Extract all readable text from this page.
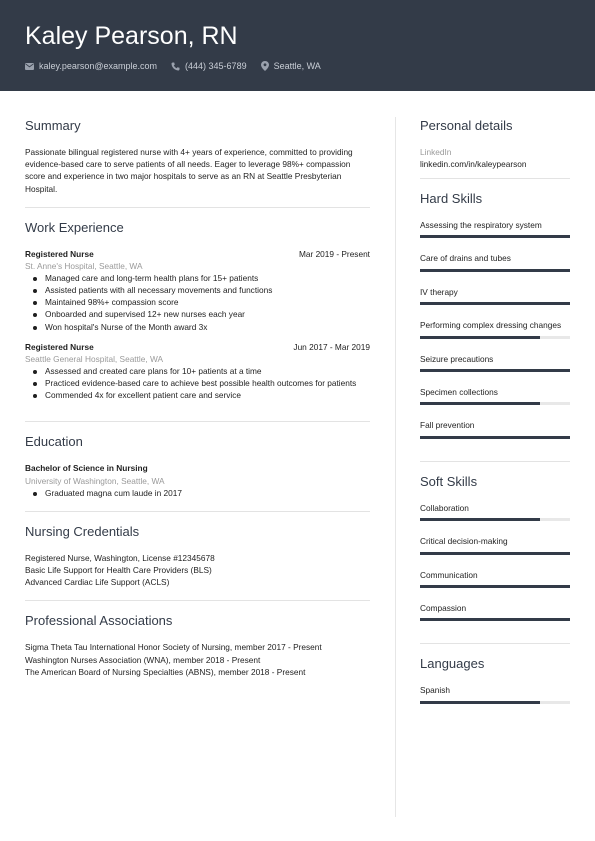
Kaley Pearson, RN
kaley.pearson@example.com	(444) 345-6789	Seattle, WA
Summary

Passionate bilingual registered nurse with 4+ years of experience, committed to providing evidence-based care to serve patients of all needs. Eager to leverage 98%+ compassion score and experience in two major hospitals to serve as an RN at Seattle Presbyterian Hospital.

Work Experience
Registered Nurse	Mar 2019 - Present
St. Anne's Hospital, Seattle, WA
Managed care and long-term health plans for 15+ patients
Assisted patients with all necessary movements and functions
Maintained 98%+ compassion score
Onboarded and supervised 12+ new nurses each year
Won hospital's Nurse of the Month award 3x
Registered Nurse	Jun 2017 - Mar 2019
Seattle General Hospital, Seattle, WA
Assessed and created care plans for 10+ patients at a time
Practiced evidence-based care to achieve best possible health outcomes for patients
Commended 4x for excellent patient care and service
Education
Bachelor of Science in Nursing
University of Washington, Seattle, WA
Graduated magna cum laude in 2017
Nursing Credentials
Registered Nurse, Washington, License #12345678
Basic Life Support for Health Care Providers (BLS)
Advanced Cardiac Life Support (ACLS)
Professional Associations
Sigma Theta Tau International Honor Society of Nursing, member 2017 - Present
Washington Nurses Association (WNA), member 2018 - Present
The American Board of Nursing Specialties (ABNS), member 2018 - Present
Personal details
LinkedIn
linkedin.com/in/kaleypearson
Hard Skills
Assessing the respiratory system
Care of drains and tubes
IV therapy
Performing complex dressing changes
Seizure precautions
Specimen collections
Fall prevention
Soft Skills
Collaboration
Critical decision-making
Communication
Compassion
Languages
Spanish
